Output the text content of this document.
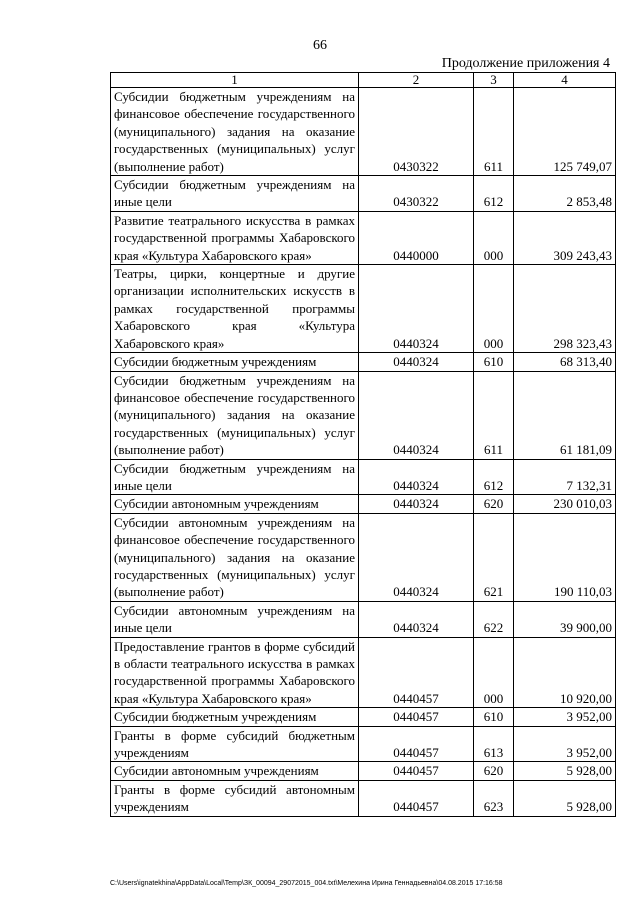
66
Продолжение приложения 4
1	2	3	4
Субсидии бюджетным учреждениям на финансовое обеспечение государственного (муниципального) задания на оказание государственных (муниципальных) услуг (выполнение работ)	0430322	611	125 749,07
Субсидии бюджетным учреждениям на иные цели	0430322	612	2 853,48
Развитие театрального искусства в рамках государственной программы Хабаровского края «Культура Хабаровского края»	0440000	000	309 243,43
Театры, цирки, концертные и другие организации исполнительских искусств в рамках государственной программы Хабаровского края «Культура Хабаровского края»	0440324	000	298 323,43
Субсидии бюджетным учреждениям	0440324	610	68 313,40
Субсидии бюджетным учреждениям на финансовое обеспечение государственного (муниципального) задания на оказание государственных (муниципальных) услуг (выполнение работ)	0440324	611	61 181,09
Субсидии бюджетным учреждениям на иные цели	0440324	612	7 132,31
Субсидии автономным учреждениям	0440324	620	230 010,03
Субсидии автономным учреждениям на финансовое обеспечение государственного (муниципального) задания на оказание государственных (муниципальных) услуг (выполнение работ)	0440324	621	190 110,03
Субсидии автономным учреждениям на иные цели	0440324	622	39 900,00
Предоставление грантов в форме субсидий в области театрального искусства в рамках государственной программы Хабаровского края «Культура Хабаровского края»	0440457	000	10 920,00
Субсидии бюджетным учреждениям	0440457	610	3 952,00
Гранты в форме субсидий бюджетным учреждениям	0440457	613	3 952,00
Субсидии автономным учреждениям	0440457	620	5 928,00
Гранты в форме субсидий автономным учреждениям	0440457	623	5 928,00
C:\Users\ignatekhina\AppData\Local\Temp\ЗК_00094_29072015_004.txt\Мелехина Ирина Геннадьевна\04.08.2015 17:16:58
